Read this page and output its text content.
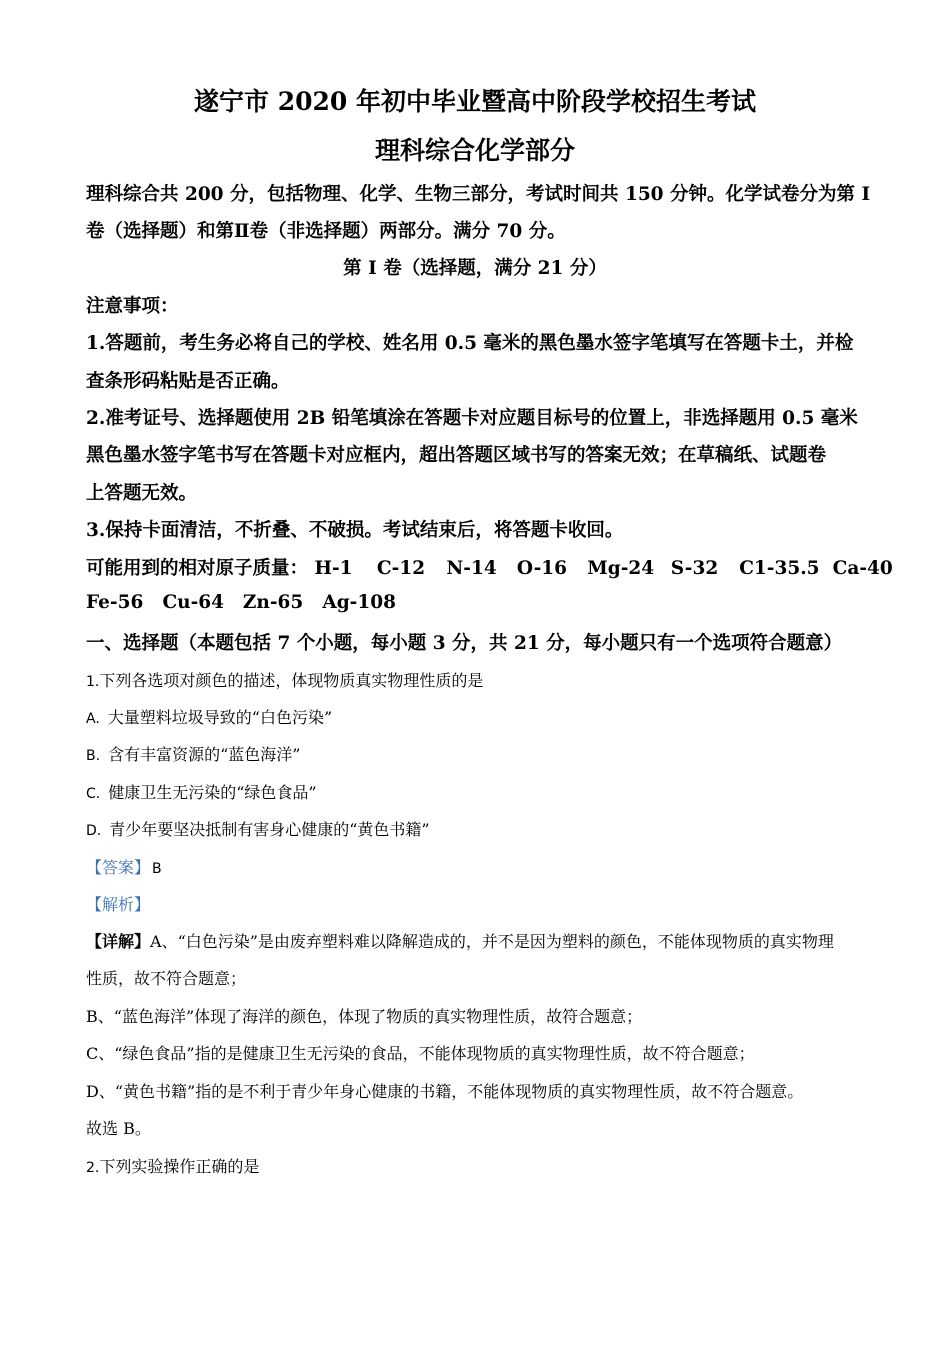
遂宁市 2020 年初中毕业暨高中阶段学校招生考试
理科综合化学部分
理科综合共 200 分，包括物理、化学、生物三部分，考试时间共 150 分钟。化学试卷分为第 I
卷（选择题）和第Ⅱ卷（非选择题）两部分。满分 70 分。
第 I 卷（选择题，满分 21 分）
注意事项：
1.答题前，考生务必将自己的学校、姓名用 0.5 毫米的黑色墨水签字笔填写在答题卡土，并检
查条形码粘贴是否正确。
2.准考证号、选择题使用 2B 铅笔填涂在答题卡对应题目标号的位置上，非选择题用 0.5 毫米
黑色墨水签字笔书写在答题卡对应框内，超出答题区域书写的答案无效；在草稿纸、试题卷
上答题无效。
3.保持卡面清洁，不折叠、不破损。考试结束后，将答题卡收回。
可能用到的相对原子质量： H-1 C-12 N-14 O-16 Mg-24 S-32 C1-35.5 Ca-40
Fe-56 Cu-64 Zn-65 Ag-108
一、选择题（本题包括 7 个小题，每小题 3 分，共 21 分，每小题只有一个选项符合题意）
1.下列各选项对颜色的描述，体现物质真实物理性质的是
A. 大量塑料垃圾导致的“白色污染”
B. 含有丰富资源的“蓝色海洋”
C. 健康卫生无污染的“绿色食品”
D. 青少年要坚决抵制有害身心健康的“黄色书籍”
【答案】 B
【解析】
【详解】A、“白色污染”是由废弃塑料难以降解造成的，并不是因为塑料的颜色，不能体现物质的真实物理
性质，故不符合题意；
B、“蓝色海洋”体现了海洋的颜色，体现了物质的真实物理性质，故符合题意；
C、“绿色食品”指的是健康卫生无污染的食品，不能体现物质的真实物理性质，故不符合题意；
D、“黄色书籍”指的是不利于青少年身心健康的书籍，不能体现物质的真实物理性质，故不符合题意。
故选 B。
2.下列实验操作正确的是
